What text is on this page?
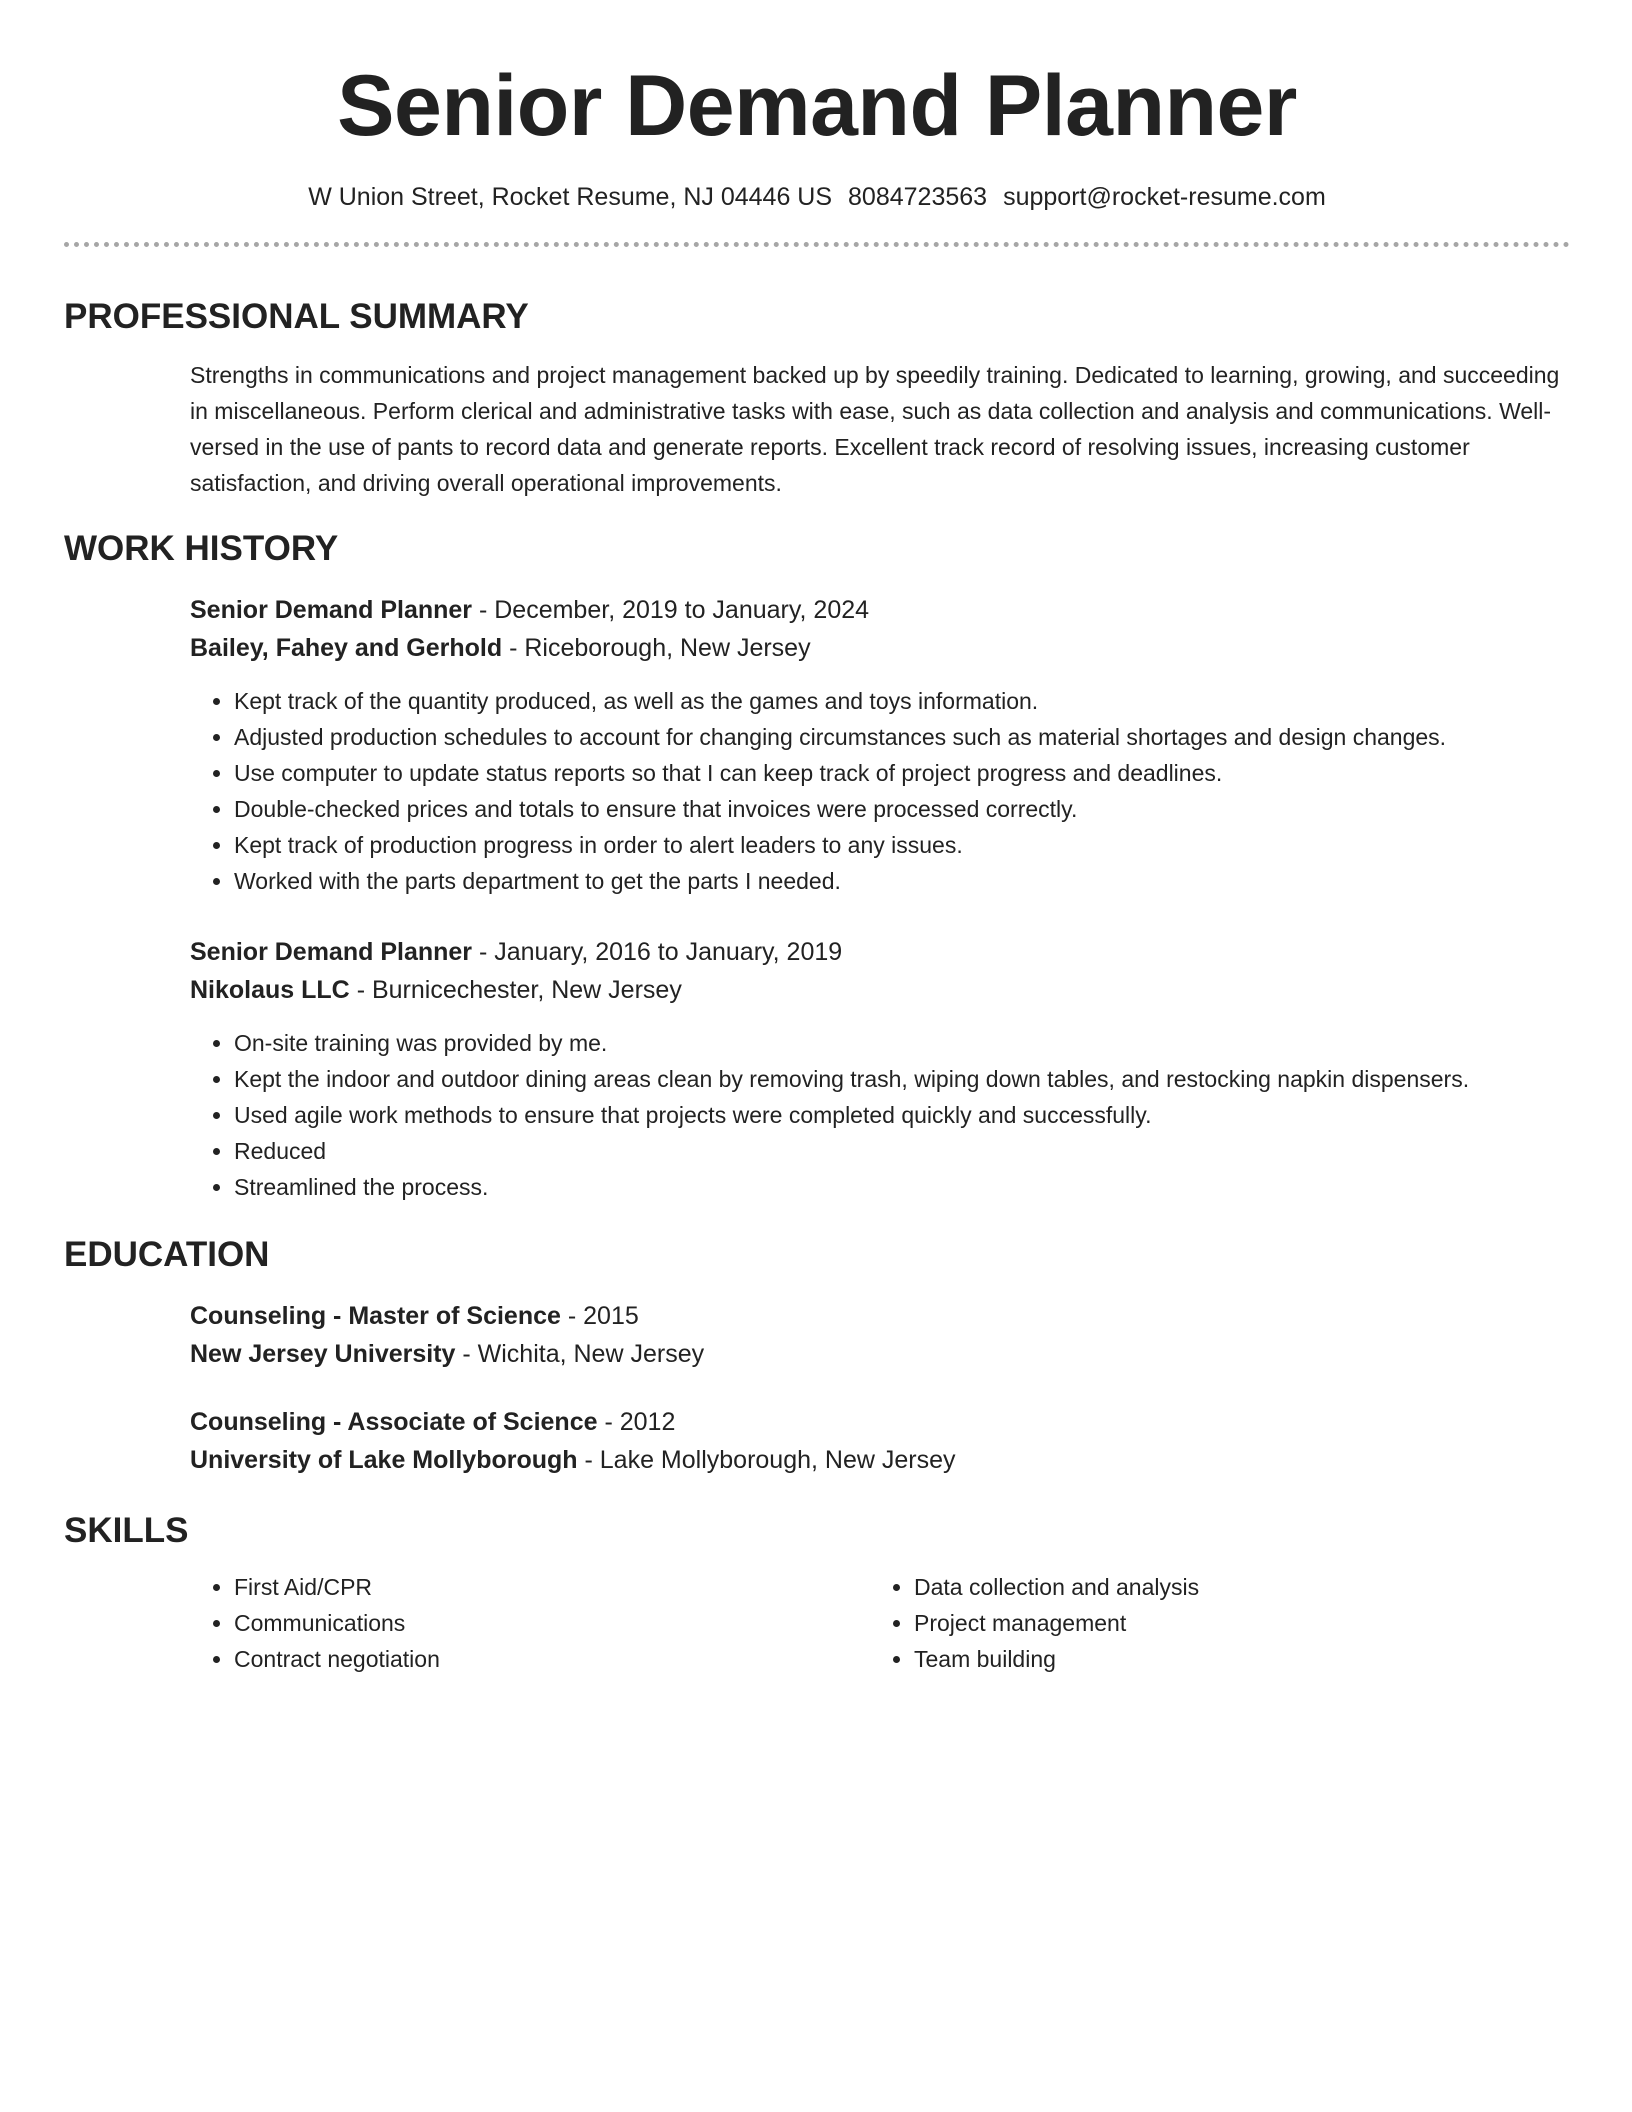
Senior Demand Planner
W Union Street, Rocket Resume, NJ 04446 US 8084723563 support@rocket-resume.com
PROFESSIONAL SUMMARY

Strengths in communications and project management backed up by speedily training. Dedicated to learning, growing, and succeeding in miscellaneous. Perform clerical and administrative tasks with ease, such as data collection and analysis and communications. Well-versed in the use of pants to record data and generate reports. Excellent track record of resolving issues, increasing customer satisfaction, and driving overall operational improvements.

WORK HISTORY
Senior Demand Planner - December, 2019 to January, 2024
Bailey, Fahey and Gerhold - Riceborough, New Jersey
• Kept track of the quantity produced, as well as the games and toys information.
• Adjusted production schedules to account for changing circumstances such as material shortages and design changes.
• Use computer to update status reports so that I can keep track of project progress and deadlines.
• Double-checked prices and totals to ensure that invoices were processed correctly.
• Kept track of production progress in order to alert leaders to any issues.
• Worked with the parts department to get the parts I needed.
Senior Demand Planner - January, 2016 to January, 2019
Nikolaus LLC - Burnicechester, New Jersey
• On-site training was provided by me.
• Kept the indoor and outdoor dining areas clean by removing trash, wiping down tables, and restocking napkin dispensers.
• Used agile work methods to ensure that projects were completed quickly and successfully.
• Reduced
• Streamlined the process.
EDUCATION
Counseling - Master of Science - 2015
New Jersey University - Wichita, New Jersey
Counseling - Associate of Science - 2012
University of Lake Mollyborough - Lake Mollyborough, New Jersey
SKILLS
• First Aid/CPR
• Communications
• Contract negotiation
• Data collection and analysis
• Project management
• Team building
